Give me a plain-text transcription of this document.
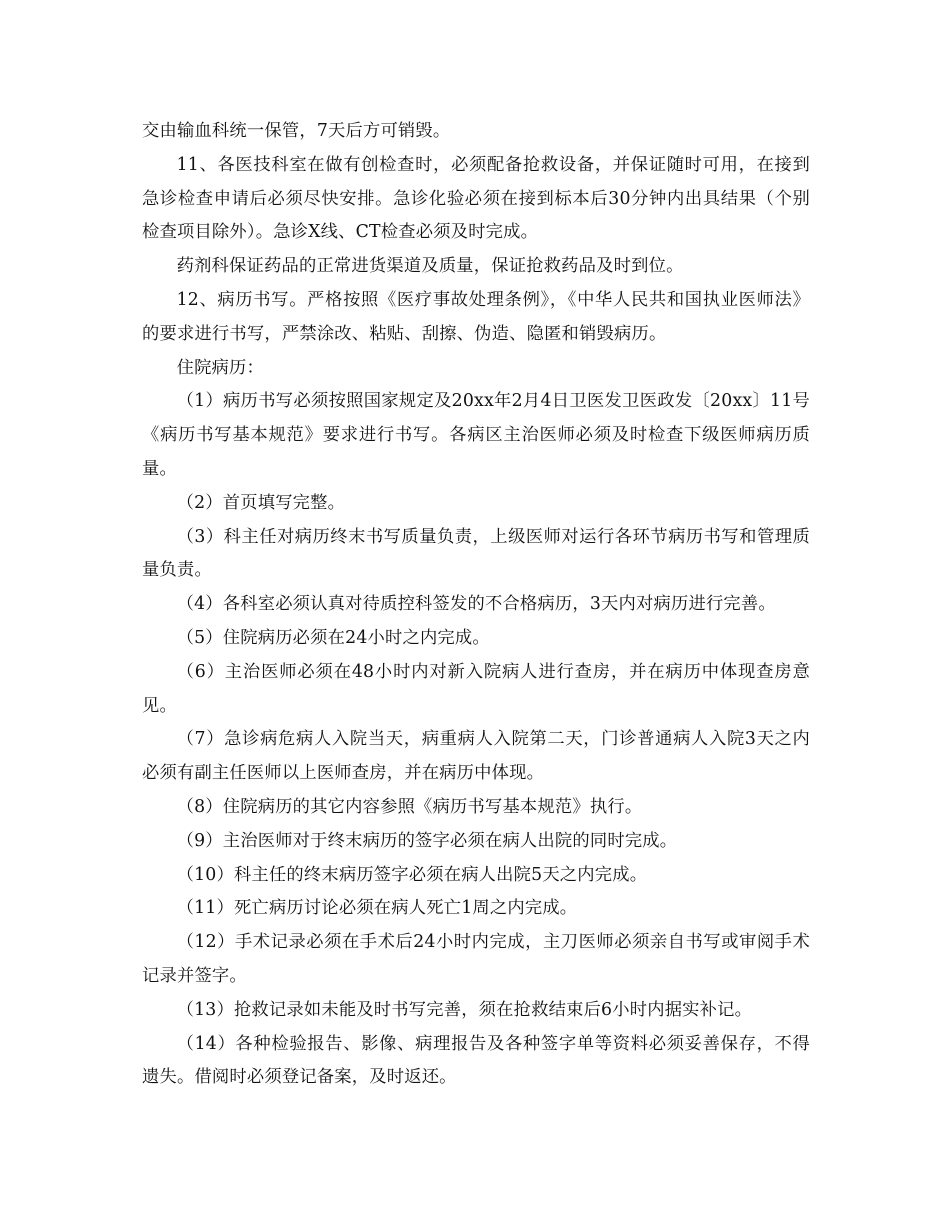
交由输血科统一保管，7天后方可销毁。

11、各医技科室在做有创检查时，必须配备抢救设备，并保证随时可用，在接到急诊检查申请后必须尽快安排。急诊化验必须在接到标本后30分钟内出具结果（个别检查项目除外）。急诊X线、CT检查必须及时完成。

药剂科保证药品的正常进货渠道及质量，保证抢救药品及时到位。

12、病历书写。严格按照《医疗事故处理条例》，《中华人民共和国执业医师法》的要求进行书写，严禁涂改、粘贴、刮擦、伪造、隐匿和销毁病历。

住院病历：

（1）病历书写必须按照国家规定及20xx年2月4日卫医发卫医政发〔20xx〕11号《病历书写基本规范》要求进行书写。各病区主治医师必须及时检查下级医师病历质量。

（2）首页填写完整。

（3）科主任对病历终末书写质量负责，上级医师对运行各环节病历书写和管理质量负责。

（4）各科室必须认真对待质控科签发的不合格病历，3天内对病历进行完善。

（5）住院病历必须在24小时之内完成。

（6）主治医师必须在48小时内对新入院病人进行查房，并在病历中体现查房意见。

（7）急诊病危病人入院当天，病重病人入院第二天，门诊普通病人入院3天之内必须有副主任医师以上医师查房，并在病历中体现。

（8）住院病历的其它内容参照《病历书写基本规范》执行。

（9）主治医师对于终末病历的签字必须在病人出院的同时完成。

（10）科主任的终末病历签字必须在病人出院5天之内完成。

（11）死亡病历讨论必须在病人死亡1周之内完成。

（12）手术记录必须在手术后24小时内完成，主刀医师必须亲自书写或审阅手术记录并签字。

（13）抢救记录如未能及时书写完善，须在抢救结束后6小时内据实补记。

（14）各种检验报告、影像、病理报告及各种签字单等资料必须妥善保存，不得遗失。借阅时必须登记备案，及时返还。
